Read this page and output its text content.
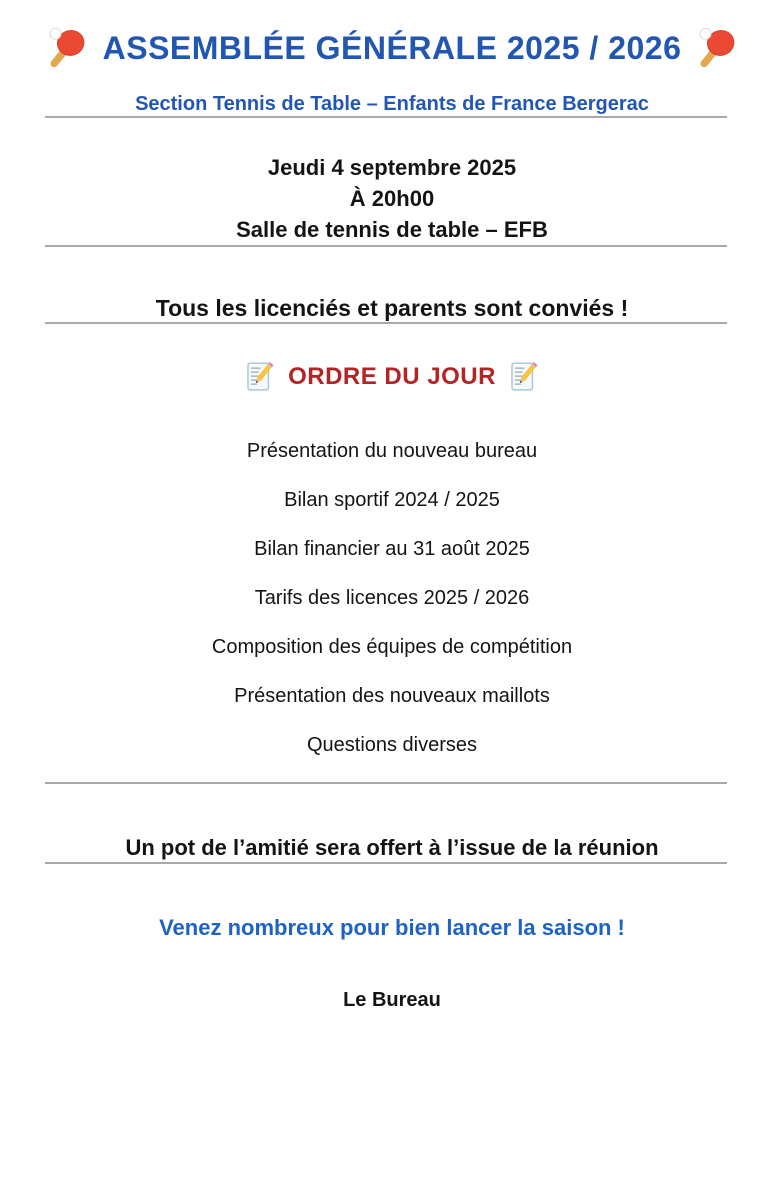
ASSEMBLÉE GÉNÉRALE 2025 / 2026

Section Tennis de Table – Enfants de France Bergerac

Jeudi 4 septembre 2025

À 20h00

Salle de tennis de table – EFB

Tous les licenciés et parents sont conviés !

ORDRE DU JOUR
Présentation du nouveau bureau
Bilan sportif 2024 / 2025
Bilan financier au 31 août 2025
Tarifs des licences 2025 / 2026
Composition des équipes de compétition
Présentation des nouveaux maillots
Questions diverses

Un pot de l’amitié sera offert à l’issue de la réunion

Venez nombreux pour bien lancer la saison !

Le Bureau
